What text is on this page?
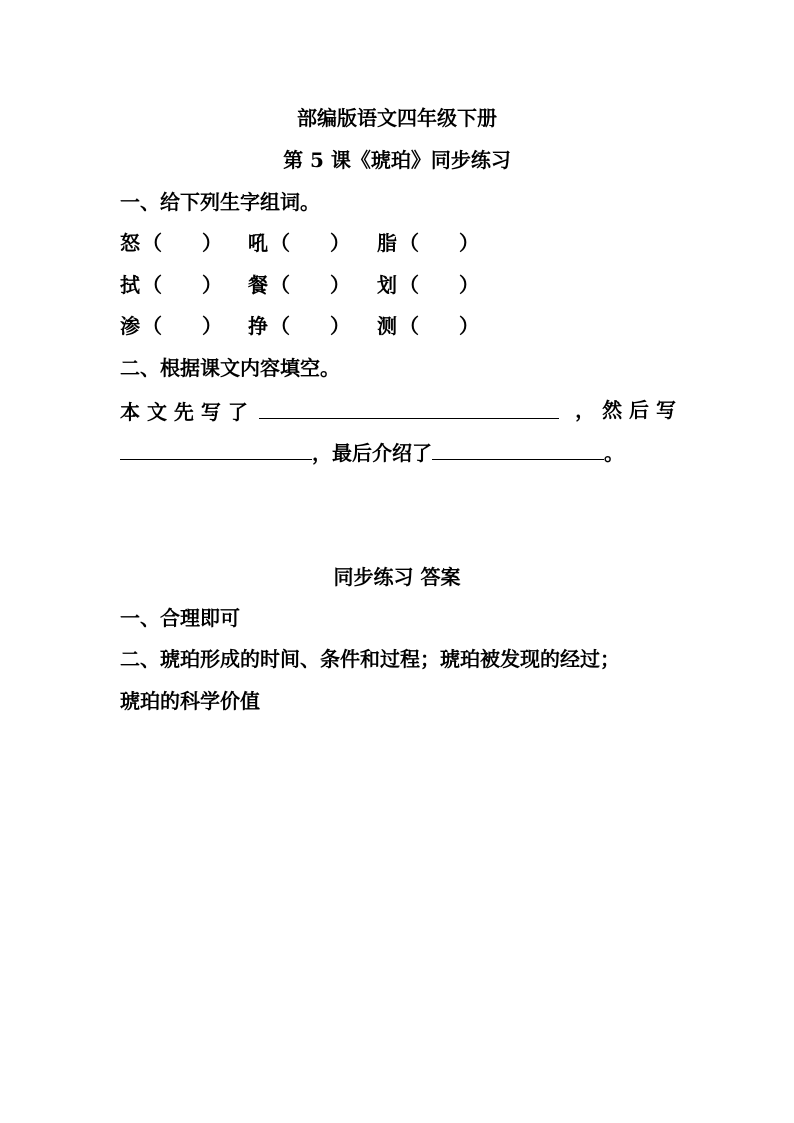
部编版语文四年级下册
第 5 课《琥珀》同步练习
一、给下列生字组词。
怒 （　　） 吼 （　　） 脂 （　　）
拭 （　　） 餐 （　　） 划 （　　）
渗 （　　） 挣 （　　） 测 （　　）
二、根据课文内容填空。
本 文 先 写 了	， 然 后 写
，最后介绍了	。
同步练习 答案
一、合理即可
二、琥珀形成的时间、条件和过程；琥珀被发现的经过；
琥珀的科学价值
